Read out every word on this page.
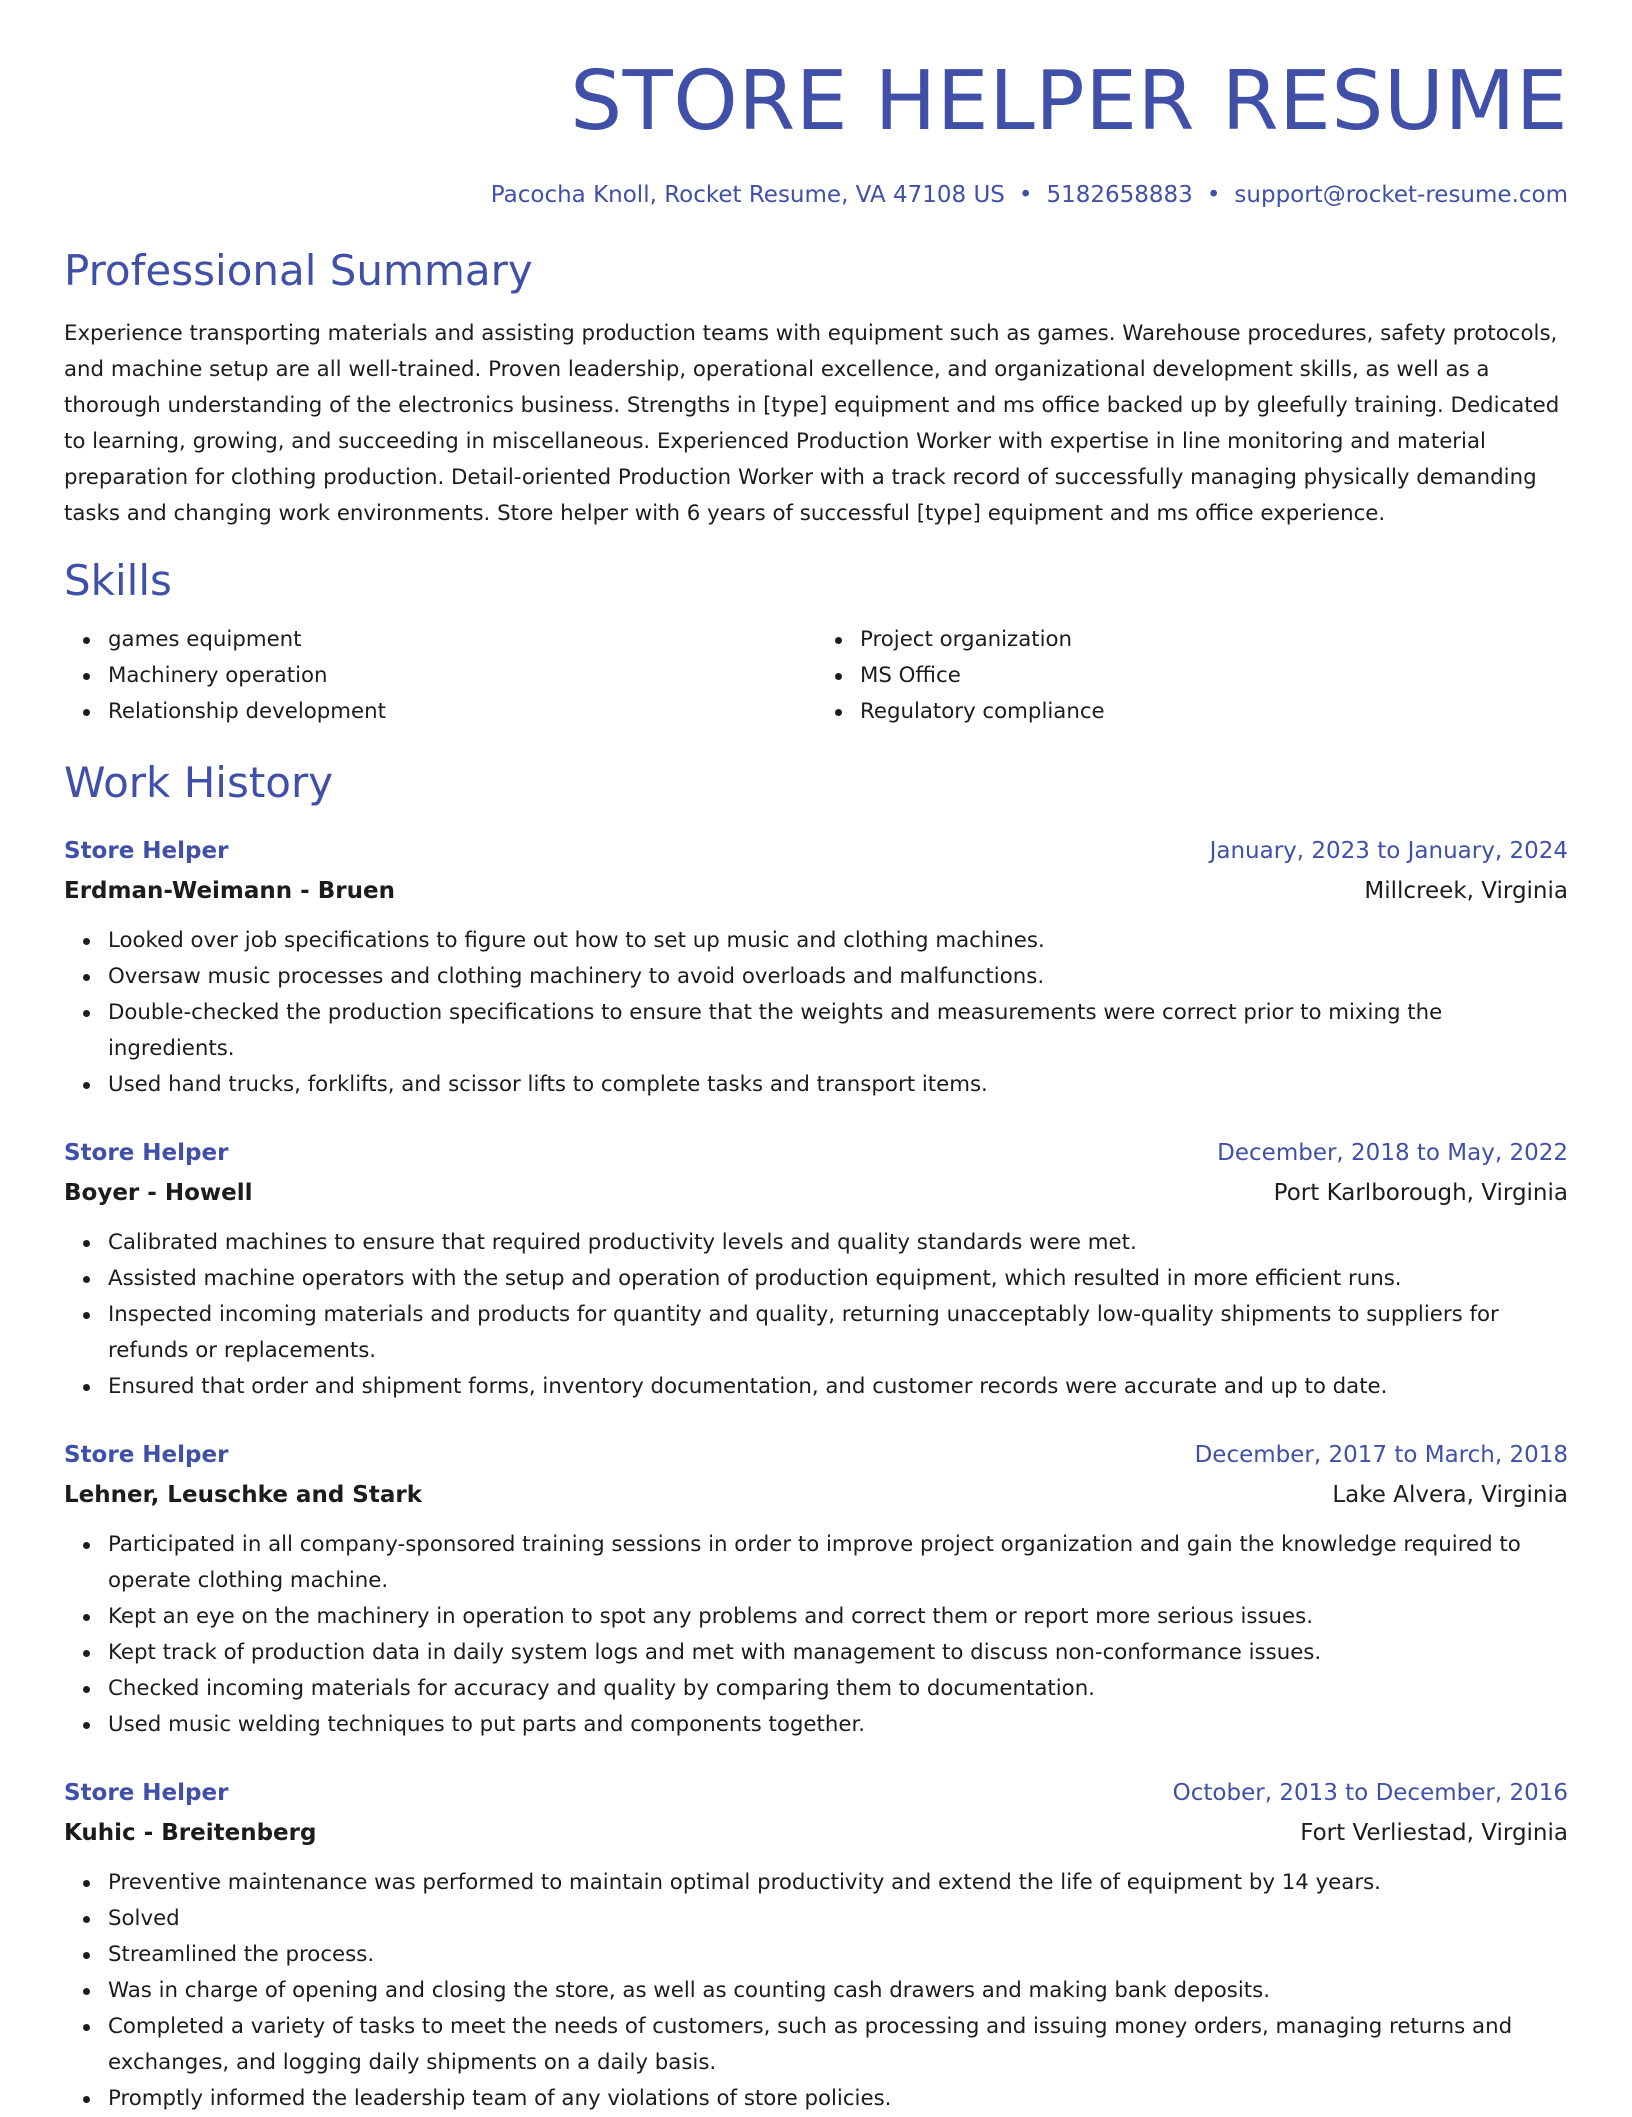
STORE HELPER RESUME
Pacocha Knoll, Rocket Resume, VA 47108 US • 5182658883 • support@rocket-resume.com
Professional Summary

Experience transporting materials and assisting production teams with equipment such as games. Warehouse procedures, safety protocols, and machine setup are all well-trained. Proven leadership, operational excellence, and organizational development skills, as well as a thorough understanding of the electronics business. Strengths in [type] equipment and ms office backed up by gleefully training. Dedicated to learning, growing, and succeeding in miscellaneous. Experienced Production Worker with expertise in line monitoring and material preparation for clothing production. Detail-oriented Production Worker with a track record of successfully managing physically demanding tasks and changing work environments. Store helper with 6 years of successful [type] equipment and ms office experience.

Skills
games equipment
Machinery operation
Relationship development
Project organization
MS Office
Regulatory compliance
Work History
Store Helper	January, 2023 to January, 2024
Erdman-Weimann - Bruen	Millcreek, Virginia
Looked over job specifications to figure out how to set up music and clothing machines.
Oversaw music processes and clothing machinery to avoid overloads and malfunctions.
Double-checked the production specifications to ensure that the weights and measurements were correct prior to mixing the ingredients.
Used hand trucks, forklifts, and scissor lifts to complete tasks and transport items.
Store Helper	December, 2018 to May, 2022
Boyer - Howell	Port Karlborough, Virginia
Calibrated machines to ensure that required productivity levels and quality standards were met.
Assisted machine operators with the setup and operation of production equipment, which resulted in more efficient runs.
Inspected incoming materials and products for quantity and quality, returning unacceptably low-quality shipments to suppliers for refunds or replacements.
Ensured that order and shipment forms, inventory documentation, and customer records were accurate and up to date.
Store Helper	December, 2017 to March, 2018
Lehner, Leuschke and Stark	Lake Alvera, Virginia
Participated in all company-sponsored training sessions in order to improve project organization and gain the knowledge required to operate clothing machine.
Kept an eye on the machinery in operation to spot any problems and correct them or report more serious issues.
Kept track of production data in daily system logs and met with management to discuss non-conformance issues.
Checked incoming materials for accuracy and quality by comparing them to documentation.
Used music welding techniques to put parts and components together.
Store Helper	October, 2013 to December, 2016
Kuhic - Breitenberg	Fort Verliestad, Virginia
Preventive maintenance was performed to maintain optimal productivity and extend the life of equipment by 14 years.
Solved
Streamlined the process.
Was in charge of opening and closing the store, as well as counting cash drawers and making bank deposits.
Completed a variety of tasks to meet the needs of customers, such as processing and issuing money orders, managing returns and exchanges, and logging daily shipments on a daily basis.
Promptly informed the leadership team of any violations of store policies.
